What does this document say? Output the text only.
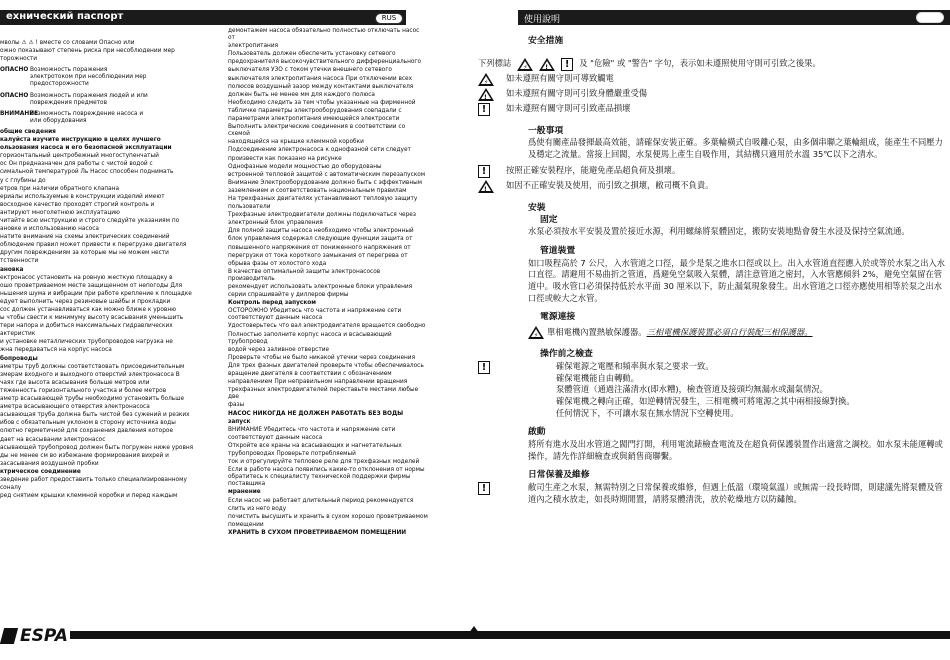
ехнический паспорт	RUS

мволы ⚠ ⚠ ! вместе со словами Опасно или

ожно показывают степень риска при несоблюдении мер

торожности

ОПАСНО Возможность поражения электротоком при несоблюдении мер предосторожности
ОПАСНО Возможность поражения людей и или повреждения предметов
ВНИМАНИЕ
Возможность повреждение насоса и или оборудования

общие сведения

калуйста изучите инструкцию в целях лучшего

ользования насоса и его безопасной эксплуатации

горизонтальный центробежный многоступенчатый

ос Он предназначен для работы с чистой водой с

симальной температурой Ль Насос способен поднимать

у с глубины до

етров при наличии обратного клапана

ериалы используемые в конструкции изделий имеют

восходное качество проходят строгий контроль и

антируют многолетнюю эксплуатацию

читайте всю инструкцию и строго следуйте указаниям по

ановке и использованию насоса

натите внимание на схемы электрических соединений

облюдение правил может привести к перегрузке двигателя

другим повреждениям за которые мы не можем нести

тственности

ановка

ектронасос установить на ровную жесткую площадку в

ошо проветриваемом месте защищенном от непогоды Для

ньшения шума и вибрации при работе крепление к площадке

едует выполнить через резиновые шайбы и прокладки

сос должен устанавливаться как можно ближе к уровню

ы чтобы свести к минимуму высоту всасывания уменьшить

тери напора и добиться максимальных гидравлических

актеристик

и установке металлических трубопроводов нагрузка не

жна передаваться на корпус насоса

бопроводы

аметры труб должны соответствовать присоединительным

змерам входного и выходного отверстий электронасоса В

чаях где высота всасывания больше метров или

тяженность горизонтального участка и более метров

аметр всасывающей трубы необходимо установить больше

аметра всасывающего отверстия электронасоса

асывающая труба должна быть чистой без сужений и резких

ибов с обязательным уклоном в сторону источника воды

олютно герметичной для сохранения давления которое

дает на всасывании электронасос

асывающей трубопровод должен быть погружен ниже уровня

ды не менее см во избежание формирования вихрей и

засасывания воздушной пробки

ктрическое соединение

зведение работ предоставить только специализированному

соналу

ред снятием крышки клеммной коробки и перед каждым

демонтажем насоса обязательно полностью отключать насос от

электропитания

Пользователь должен обеспечить установку сетевого

предохранителя высокочувствительного дифференциального

выключателя УЗО с током утечки внешнего сетевого

выключателя электропитания насоса При отключении всех

полюсов воздушный зазор между контактами выключателя

должен быть не менее мм для каждого полюса

Необходимо следить за тем чтобы указанные на фирменной

табличке параметры электрооборудования совпадали с

параметрами электропитания имеющейся электросети

Выполнить электрические соединения в соответствии со схемой

находящейся на крышке клеммной коробки

Подсоединение электронасоса к однофазной сети следует

произвести как показано на рисунке

Однофазные модели мощностью до оборудованы

встроенной тепловой защитой с автоматическим перезапуском

Внимание Электрооборудование должно быть с эффективным

заземлением и соответствовать национальным правилам

На трехфазных двигателях устанавливают тепловую защиту

пользователи

Трехфазные электродвигатели должны подключаться через

электронный блок управления

Для полной защиты насоса необходимо чтобы электронный

блок управления содержал следующие функции защита от

повышенного напряжения от пониженного напряжения от

перегрузки от тока короткого замыкания от перегрева от

обрыва фазы от холостого хода

В качестве оптимальной защиты электронасосов производитель

рекомендует использовать электронные блоки управления

серии спрашивайте у диллеров фирмы

Контроль перед запуском

ОСТОРОЖНО Убедитесь что частота и напряжение сети соответствуют данным насоса

Удостоверьтесь что вал электродвигателя вращается свободно

Полностью заполните корпус насоса и всасывающий трубопровод

водой через заливное отверстие

Проверьте чтобы не было никакой утечки через соединения

Для трех фазных двигателей проверьте чтобы обеспечивалось

вращение двигателя в соответствии с обозначением

направлением При неправильном направлении вращения

трехфазных электродвигателей переставьте местами любые две

фазы

НАСОС НИКОГДА НЕ ДОЛЖЕН РАБОТАТЬ БЕЗ ВОДЫ

запуск

ВНИМАНИЕ Убедитесь что частота и напряжение сети

соответствуют данным насоса

Откройте все краны на всасывающих и нагнетательных

трубопроводах Проверьте потребляемый

ток и отрегулируйте тепловое реле для трехфазных моделей

Если в работе насоса появились какие-то отклонения от нормы обратитесь к специалисту технической поддержки фирмы поставщика

мранение

Если насос не работает длительный период рекомендуется

слить из него воду

почистить высушить и хранить в сухом хорошо проветриваемом

помещении

ХРАНИТЬ В СУХОМ ПРОВЕТРИВАЕМОМ ПОМЕЩЕНИИ

使用說明
安全措施
下列標誌 ⚡	!	!	及 "危險" 或 "警告" 字句，表示如未遵照使用守則可引致之後果。
⚡ 如未遵照有關守則可導致觸電
! 如未遵照有關守則可引致身體嚴重受傷
!	如未遵照有關守則可引致產品損壞
一般事項

爲使有關產品發揮最高效能，請確保安裝正確。多葉輪橫式自吸離心泵，由多個串聯之葉輪組成，能產生不同壓力及穩定之流量。當接上回閥，水泵便馬上產生自吸作用，其結構只適用於水溫 35℃以下之清水。

!	按照正確安裝程序，能避免產品超負荷及損壞。
! 如因不正確安裝及使用，而引致之損壞，敝司概不負責。
安裝
固定

水泵必須按水平安裝及置於接近水源，利用螺絲將泵體固定，搬防安裝地點會發生水浸及保持空氣流通。

管道裝置

如口吸程高於 7 公尺，入水管道之口徑，最少是泵之進水口徑或以上。出入水管道直徑應入於或等於水泵之出入水口直徑。請避用不易曲折之管道，爲避免空氣吸入泵體，請注意管道之密封，入水管應傾斜 2%，避免空氣留在管道中。吸水管口必須保持低於水平面 30 厘米以下，防止漏氣現象發生。出水管道之口徑亦應使用相等於泵之出水口徑或較大之水管。

電源連接
⚡ 單相電機內置熱敏保護器。 三相電機保護裝置必須自行裝配三相保護器。
操作前之檢查
!	確保電源之電壓和頻率與水泵之要求一致。
確保電機能自由轉動。
泵體管道（通過注滿清水(即水糟)，檢查管道及接頭均無漏水或漏氣情況。
確保電機之轉向正確，如逆轉情況發生，三相電機可將電源之其中兩相接線對換。
任何情況下，不可讓水泵在無水情況下空轉使用。
啟動

將所有進水及出水管道之閥門打開，利用電流錶檢查電流及在超負荷保護裝置作出適當之調校。如水泵未能運轉或操作，請先作詳細檢查或與銷售商聯繫。

日常保養及維修
!	敝司生產之水泵，無需特別之日常保養或維修，但遇上低溫（環境氣溫）或無需一段長時間，則建議先將泵體及管道內之積水放走，如長時期閒置，請將泵體清洗，放於乾燥地方以防鏽蝕。

ESPA
